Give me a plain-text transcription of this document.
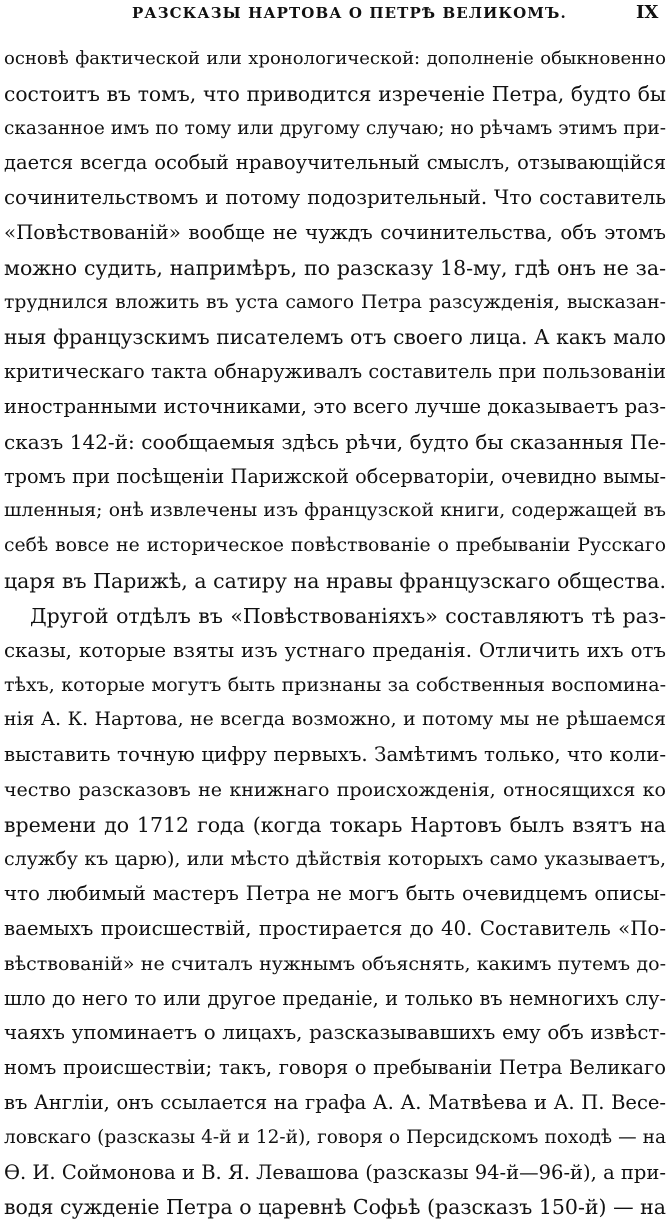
РАЗСКАЗЫ НАРТОВА О ПЕТРѢ ВЕЛИКОМЪ.	IX
основѣ фактической или хронологической: дополненіе обыкновенно
состоитъ въ томъ, что приводится изреченіе Петра, будто бы
сказанное имъ по тому или другому случаю; но рѣчамъ этимъ при-
дается всегда особый нравоучительный смыслъ, отзывающійся
сочинительствомъ и потому подозрительный. Что составитель
«Повѣствованій» вообще не чуждъ сочинительства, объ этомъ
можно судить, напримѣръ, по разсказу 18-му, гдѣ онъ не за-
труднился вложить въ уста самого Петра разсужденія, высказан-
ныя французскимъ писателемъ отъ своего лица. А какъ мало
критическаго такта обнаруживалъ составитель при пользованіи
иностранными источниками, это всего лучше доказываетъ раз-
сказъ 142-й: сообщаемыя здѣсь рѣчи, будто бы сказанныя Пе-
тромъ при посѣщеніи Парижской обсерваторіи, очевидно вымы-
шленныя; онѣ извлечены изъ французской книги, содержащей въ
себѣ вовсе не историческое повѣствованіе о пребываніи Русскаго
царя въ Парижѣ, а сатиру на нравы французскаго общества.
Другой отдѣлъ въ «Повѣствованіяхъ» составляютъ тѣ раз-
сказы, которые взяты изъ устнаго преданія. Отличить ихъ отъ
тѣхъ, которые могутъ быть признаны за собственныя воспомина-
нія А. К. Нартова, не всегда возможно, и потому мы не рѣшаемся
выставить точную цифру первыхъ. Замѣтимъ только, что коли-
чество разсказовъ не книжнаго происхожденія, относящихся ко
времени до 1712 года (когда токарь Нартовъ былъ взятъ на
службу къ царю), или мѣсто дѣйствія которыхъ само указываетъ,
что любимый мастеръ Петра не могъ быть очевидцемъ описы-
ваемыхъ происшествій, простирается до 40. Составитель «По-
вѣствованій» не считалъ нужнымъ объяснять, какимъ путемъ до-
шло до него то или другое преданіе, и только въ немногихъ слу-
чаяхъ упоминаетъ о лицахъ, разсказывавшихъ ему объ извѣст-
номъ происшествіи; такъ, говоря о пребываніи Петра Великаго
въ Англіи, онъ ссылается на графа А. А. Матвѣева и А. П. Весе-
ловскаго (разсказы 4-й и 12-й), говоря о Персидскомъ походѣ — на
Ѳ. И. Соймонова и В. Я. Левашова (разсказы 94-й—96-й), а при-
водя сужденіе Петра о царевнѣ Софьѣ (разсказъ 150-й) — на
